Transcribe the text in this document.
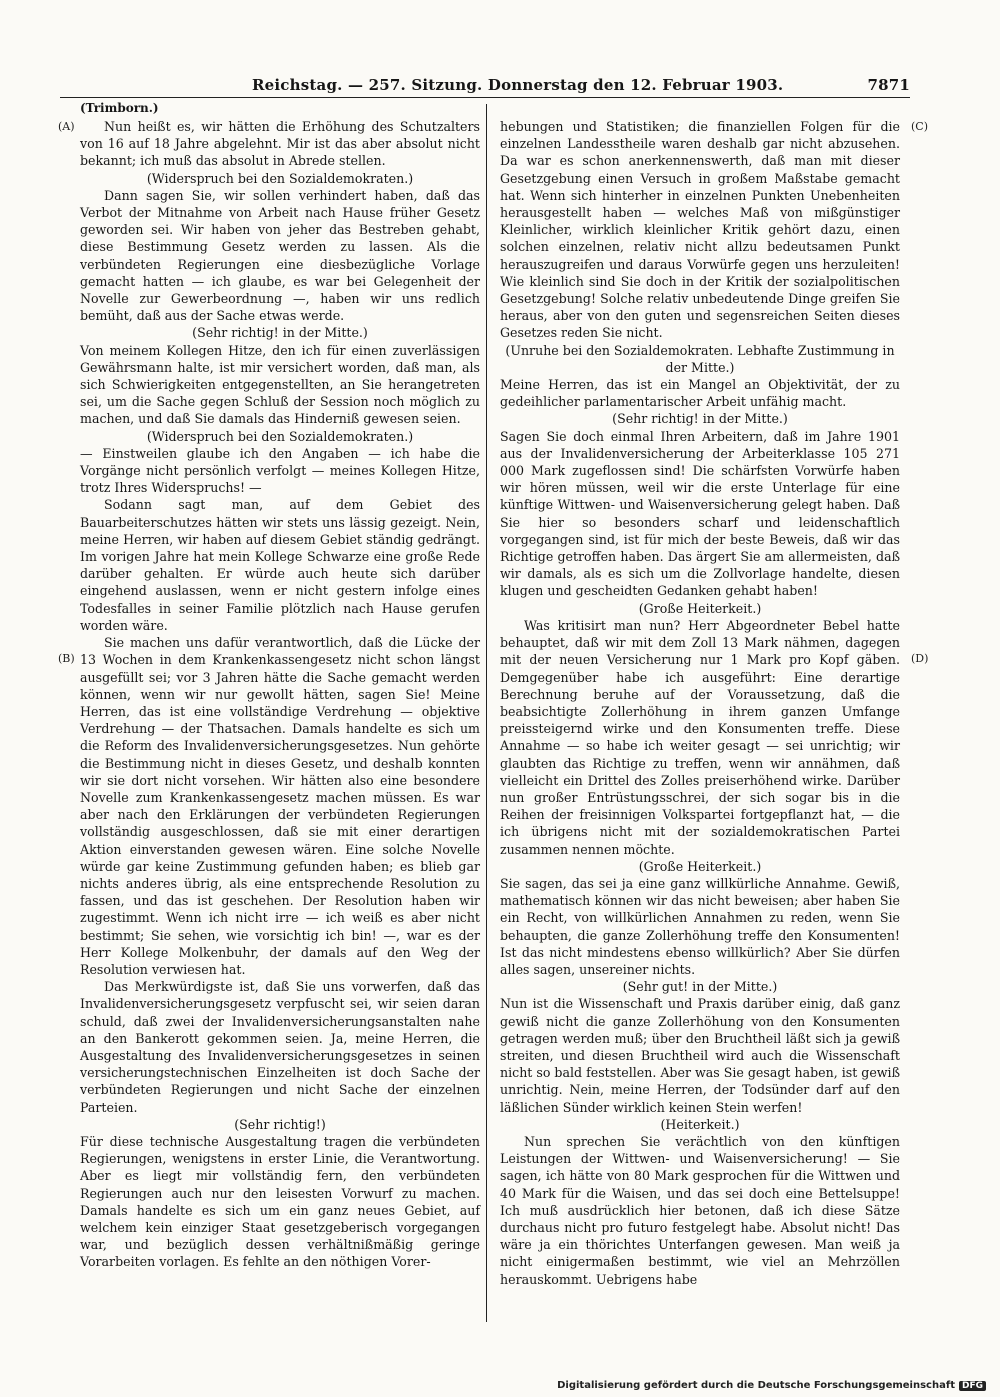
Reichstag. — 257. Sitzung. Donnerstag den 12. Februar 1903.	7871
(Trimborn.)
(A)
(B)
(C)
(D)

Nun heißt es, wir hätten die Erhöhung des Schutzalters von 16 auf 18 Jahre abgelehnt. Mir ist das aber absolut nicht bekannt; ich muß das absolut in Abrede stellen.

(Widerspruch bei den Sozialdemokraten.)

Dann sagen Sie, wir sollen verhindert haben, daß das Verbot der Mitnahme von Arbeit nach Hause früher Gesetz geworden sei. Wir haben von jeher das Bestreben gehabt, diese Bestimmung Gesetz werden zu lassen. Als die verbündeten Regierungen eine diesbezügliche Vorlage gemacht hatten — ich glaube, es war bei Gelegenheit der Novelle zur Gewerbeordnung —, haben wir uns redlich bemüht, daß aus der Sache etwas werde.

(Sehr richtig! in der Mitte.)

Von meinem Kollegen Hitze, den ich für einen zuverlässigen Gewährsmann halte, ist mir versichert worden, daß man, als sich Schwierigkeiten entgegenstellten, an Sie herangetreten sei, um die Sache gegen Schluß der Session noch möglich zu machen, und daß Sie damals das Hinderniß gewesen seien.

(Widerspruch bei den Sozialdemokraten.)

— Einstweilen glaube ich den Angaben — ich habe die Vorgänge nicht persönlich verfolgt — meines Kollegen Hitze, trotz Ihres Widerspruchs! —

Sodann sagt man, auf dem Gebiet des Bauarbeiterschutzes hätten wir stets uns lässig gezeigt. Nein, meine Herren, wir haben auf diesem Gebiet ständig gedrängt. Im vorigen Jahre hat mein Kollege Schwarze eine große Rede darüber gehalten. Er würde auch heute sich darüber eingehend auslassen, wenn er nicht gestern infolge eines Todesfalles in seiner Familie plötzlich nach Hause gerufen worden wäre.

Sie machen uns dafür verantwortlich, daß die Lücke der 13 Wochen in dem Krankenkassengesetz nicht schon längst ausgefüllt sei; vor 3 Jahren hätte die Sache gemacht werden können, wenn wir nur gewollt hätten, sagen Sie! Meine Herren, das ist eine vollständige Verdrehung — objektive Verdrehung — der Thatsachen. Damals handelte es sich um die Reform des Invalidenversicherungsgesetzes. Nun gehörte die Bestimmung nicht in dieses Gesetz, und deshalb konnten wir sie dort nicht vorsehen. Wir hätten also eine besondere Novelle zum Krankenkassengesetz machen müssen. Es war aber nach den Erklärungen der verbündeten Regierungen vollständig ausgeschlossen, daß sie mit einer derartigen Aktion einverstanden gewesen wären. Eine solche Novelle würde gar keine Zustimmung gefunden haben; es blieb gar nichts anderes übrig, als eine entsprechende Resolution zu fassen, und das ist geschehen. Der Resolution haben wir zugestimmt. Wenn ich nicht irre — ich weiß es aber nicht bestimmt; Sie sehen, wie vorsichtig ich bin! —, war es der Herr Kollege Molkenbuhr, der damals auf den Weg der Resolution verwiesen hat.

Das Merkwürdigste ist, daß Sie uns vorwerfen, daß das Invalidenversicherungsgesetz verpfuscht sei, wir seien daran schuld, daß zwei der Invalidenversicherungsanstalten nahe an den Bankerott gekommen seien. Ja, meine Herren, die Ausgestaltung des Invalidenversicherungsgesetzes in seinen versicherungstechnischen Einzelheiten ist doch Sache der verbündeten Regierungen und nicht Sache der einzelnen Parteien.

(Sehr richtig!)

Für diese technische Ausgestaltung tragen die verbündeten Regierungen, wenigstens in erster Linie, die Verantwortung. Aber es liegt mir vollständig fern, den verbündeten Regierungen auch nur den leisesten Vorwurf zu machen. Damals handelte es sich um ein ganz neues Gebiet, auf welchem kein einziger Staat gesetzgeberisch vorgegangen war, und bezüglich dessen verhältnißmäßig geringe Vorarbeiten vorlagen. Es fehlte an den nöthigen Vorer-

hebungen und Statistiken; die finanziellen Folgen für die einzelnen Landesstheile waren deshalb gar nicht abzusehen. Da war es schon anerkennenswerth, daß man mit dieser Gesetzgebung einen Versuch in großem Maßstabe gemacht hat. Wenn sich hinterher in einzelnen Punkten Unebenheiten herausgestellt haben — welches Maß von mißgünstiger Kleinlicher, wirklich kleinlicher Kritik gehört dazu, einen solchen einzelnen, relativ nicht allzu bedeutsamen Punkt herauszugreifen und daraus Vorwürfe gegen uns herzuleiten! Wie kleinlich sind Sie doch in der Kritik der sozialpolitischen Gesetzgebung! Solche relativ unbedeutende Dinge greifen Sie heraus, aber von den guten und segensreichen Seiten dieses Gesetzes reden Sie nicht.

(Unruhe bei den Sozialdemokraten. Lebhafte Zustimmung in der Mitte.)

Meine Herren, das ist ein Mangel an Objektivität, der zu gedeihlicher parlamentarischer Arbeit unfähig macht.

(Sehr richtig! in der Mitte.)

Sagen Sie doch einmal Ihren Arbeitern, daß im Jahre 1901 aus der Invalidenversicherung der Arbeiterklasse 105 271 000 Mark zugeflossen sind! Die schärfsten Vorwürfe haben wir hören müssen, weil wir die erste Unterlage für eine künftige Wittwen- und Waisenversicherung gelegt haben. Daß Sie hier so besonders scharf und leidenschaftlich vorgegangen sind, ist für mich der beste Beweis, daß wir das Richtige getroffen haben. Das ärgert Sie am allermeisten, daß wir damals, als es sich um die Zollvorlage handelte, diesen klugen und gescheidten Gedanken gehabt haben!

(Große Heiterkeit.)

Was kritisirt man nun? Herr Abgeordneter Bebel hatte behauptet, daß wir mit dem Zoll 13 Mark nähmen, dagegen mit der neuen Versicherung nur 1 Mark pro Kopf gäben. Demgegenüber habe ich ausgeführt: Eine derartige Berechnung beruhe auf der Voraussetzung, daß die beabsichtigte Zollerhöhung in ihrem ganzen Umfange preissteigernd wirke und den Konsumenten treffe. Diese Annahme — so habe ich weiter gesagt — sei unrichtig; wir glaubten das Richtige zu treffen, wenn wir annähmen, daß vielleicht ein Drittel des Zolles preiserhöhend wirke. Darüber nun großer Entrüstungsschrei, der sich sogar bis in die Reihen der freisinnigen Volkspartei fortgepflanzt hat, — die ich übrigens nicht mit der sozialdemokratischen Partei zusammen nennen möchte.

(Große Heiterkeit.)

Sie sagen, das sei ja eine ganz willkürliche Annahme. Gewiß, mathematisch können wir das nicht beweisen; aber haben Sie ein Recht, von willkürlichen Annahmen zu reden, wenn Sie behaupten, die ganze Zollerhöhung treffe den Konsumenten! Ist das nicht mindestens ebenso willkürlich? Aber Sie dürfen alles sagen, unsereiner nichts.

(Sehr gut! in der Mitte.)

Nun ist die Wissenschaft und Praxis darüber einig, daß ganz gewiß nicht die ganze Zollerhöhung von den Konsumenten getragen werden muß; über den Bruchtheil läßt sich ja gewiß streiten, und diesen Bruchtheil wird auch die Wissenschaft nicht so bald feststellen. Aber was Sie gesagt haben, ist gewiß unrichtig. Nein, meine Herren, der Todsünder darf auf den läßlichen Sünder wirklich keinen Stein werfen!

(Heiterkeit.)

Nun sprechen Sie verächtlich von den künftigen Leistungen der Wittwen- und Waisenversicherung! — Sie sagen, ich hätte von 80 Mark gesprochen für die Wittwen und 40 Mark für die Waisen, und das sei doch eine Bettelsuppe! Ich muß ausdrücklich hier betonen, daß ich diese Sätze durchaus nicht pro futuro festgelegt habe. Absolut nicht! Das wäre ja ein thörichtes Unterfangen gewesen. Man weiß ja nicht einigermaßen bestimmt, wie viel an Mehrzöllen herauskommt. Uebrigens habe

Digitalisierung gefördert durch die Deutsche Forschungsgemeinschaft DFG
